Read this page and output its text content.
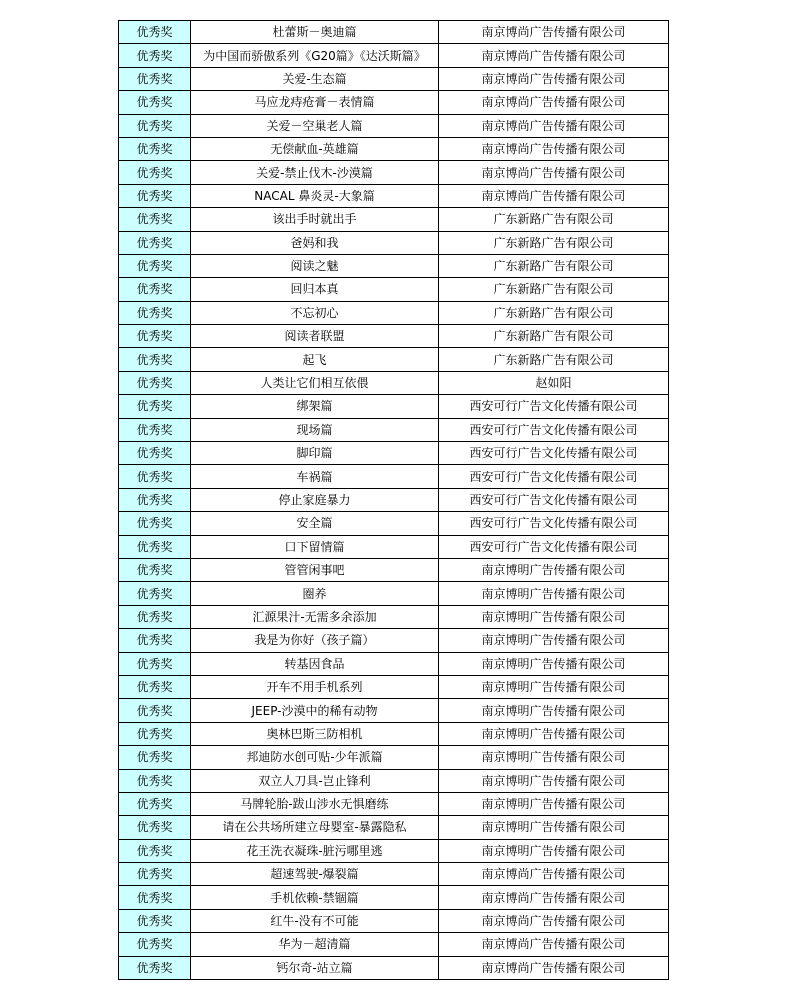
优秀奖	杜蕾斯－奥迪篇	南京博尚广告传播有限公司
优秀奖	为中国而骄傲系列《G20篇》《达沃斯篇》	南京博尚广告传播有限公司
优秀奖	关爱-生态篇	南京博尚广告传播有限公司
优秀奖	马应龙痔疮膏－表情篇	南京博尚广告传播有限公司
优秀奖	关爱－空巢老人篇	南京博尚广告传播有限公司
优秀奖	无偿献血-英雄篇	南京博尚广告传播有限公司
优秀奖	关爱-禁止伐木-沙漠篇	南京博尚广告传播有限公司
优秀奖	NACAL 鼻炎灵-大象篇	南京博尚广告传播有限公司
优秀奖	该出手时就出手	广东新路广告有限公司
优秀奖	爸妈和我	广东新路广告有限公司
优秀奖	阅读之魅	广东新路广告有限公司
优秀奖	回归本真	广东新路广告有限公司
优秀奖	不忘初心	广东新路广告有限公司
优秀奖	阅读者联盟	广东新路广告有限公司
优秀奖	起飞	广东新路广告有限公司
优秀奖	人类让它们相互依偎	赵如阳
优秀奖	绑架篇	西安可行广告文化传播有限公司
优秀奖	现场篇	西安可行广告文化传播有限公司
优秀奖	脚印篇	西安可行广告文化传播有限公司
优秀奖	车祸篇	西安可行广告文化传播有限公司
优秀奖	停止家庭暴力	西安可行广告文化传播有限公司
优秀奖	安全篇	西安可行广告文化传播有限公司
优秀奖	口下留情篇	西安可行广告文化传播有限公司
优秀奖	管管闲事吧	南京博明广告传播有限公司
优秀奖	圈养	南京博明广告传播有限公司
优秀奖	汇源果汁-无需多余添加	南京博明广告传播有限公司
优秀奖	我是为你好（孩子篇）	南京博明广告传播有限公司
优秀奖	转基因食品	南京博明广告传播有限公司
优秀奖	开车不用手机系列	南京博明广告传播有限公司
优秀奖	JEEP-沙漠中的稀有动物	南京博明广告传播有限公司
优秀奖	奥林巴斯三防相机	南京博明广告传播有限公司
优秀奖	邦迪防水创可贴-少年派篇	南京博明广告传播有限公司
优秀奖	双立人刀具-岂止锋利	南京博明广告传播有限公司
优秀奖	马牌轮胎-跋山涉水无惧磨练	南京博明广告传播有限公司
优秀奖	请在公共场所建立母婴室-暴露隐私	南京博明广告传播有限公司
优秀奖	花王洗衣凝珠-脏污哪里逃	南京博明广告传播有限公司
优秀奖	超速驾驶-爆裂篇	南京博尚广告传播有限公司
优秀奖	手机依赖-禁锢篇	南京博尚广告传播有限公司
优秀奖	红牛-没有不可能	南京博尚广告传播有限公司
优秀奖	华为－超清篇	南京博尚广告传播有限公司
优秀奖	钙尔奇-站立篇	南京博尚广告传播有限公司
